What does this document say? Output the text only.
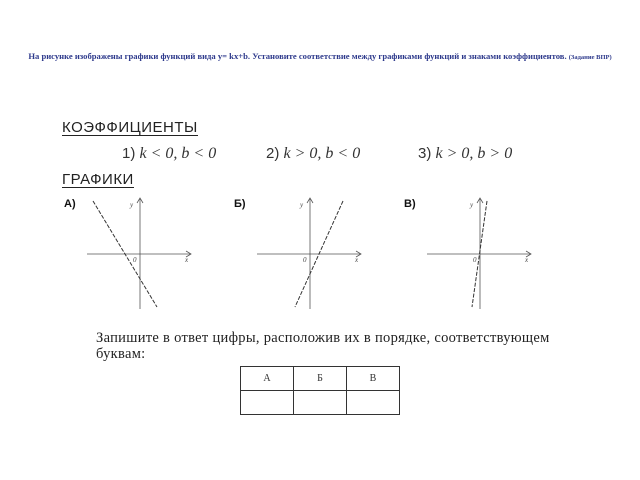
На рисунке изображены графики функций вида y= kx+b. Установите соответствие между графиками функций и знаками коэффициентов. (Задание ВПР)
КОЭФФИЦИЕНТЫ
1) k < 0, b < 0	2) k > 0, b < 0	3) k > 0, b > 0
ГРАФИКИ
А)	y
x
0
Б)	y
x
0
В)	y
x
0
Запишите в ответ цифры, расположив их в порядке, соответствующем буквам:
А	Б	В
